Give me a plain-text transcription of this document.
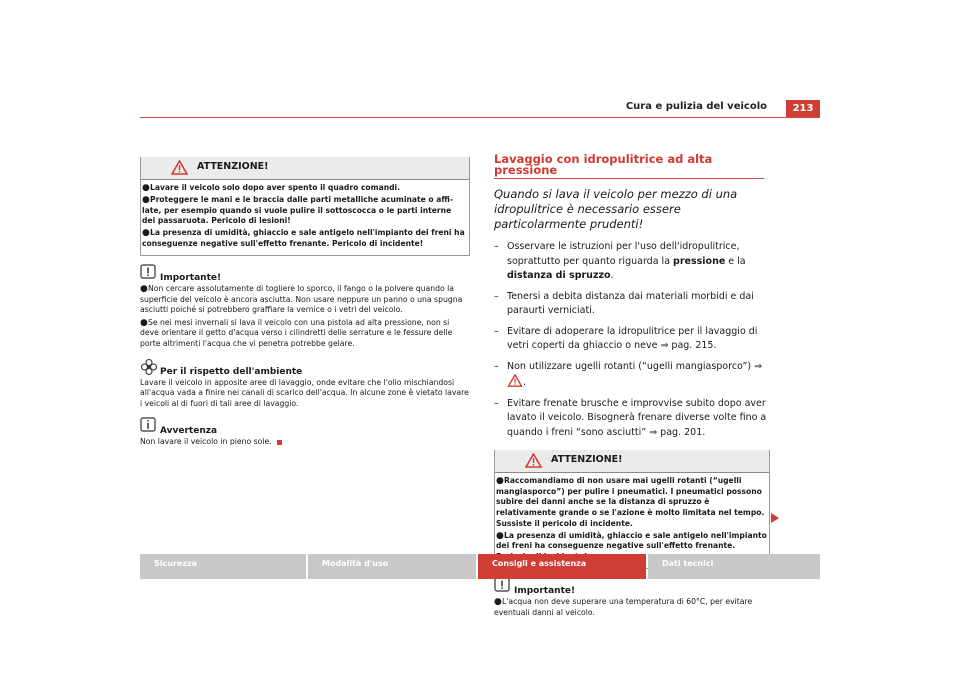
Cura e pulizia del veicolo	213
ATTENZIONE!

●Lavare il veicolo solo dopo aver spento il quadro comandi.

●Proteggere le mani e le braccia dalle parti metalliche acuminate o affi-late, per esempio quando si vuole pulire il sottoscocca o le parti interne dei passaruota. Pericolo di lesioni!

●La presenza di umidità, ghiaccio e sale antigelo nell'impianto dei freni ha conseguenze negative sull'effetto frenante. Pericolo di incidente!

Importante!

●Non cercare assolutamente di togliere lo sporco, il fango o la polvere quando la superficie del veicolo è ancora asciutta. Non usare neppure un panno o una spugna asciutti poiché si potrebbero graffiare la vernice o i vetri del veicolo.

●Se nei mesi invernali si lava il veicolo con una pistola ad alta pressione, non si deve orientare il getto d'acqua verso i cilindretti delle serrature e le fessure delle porte altrimenti l'acqua che vi penetra potrebbe gelare.

Per il rispetto dell'ambiente

Lavare il veicolo in apposite aree di lavaggio, onde evitare che l'olio mischiandosi all'acqua vada a finire nei canali di scarico dell'acqua. In alcune zone è vietato lavare i veicoli al di fuori di tali aree di lavaggio.

Avvertenza

Non lavare il veicolo in pieno sole.

Lavaggio con idropulitrice ad alta pressione
Quando si lava il veicolo per mezzo di una idropulitrice è necessario essere particolarmente prudenti!
– Osservare le istruzioni per l'uso dell'idropulitrice, soprattutto per quanto riguarda la pressione e la distanza di spruzzo.
– Tenersi a debita distanza dai materiali morbidi e dai paraurti verniciati.
– Evitare di adoperare la idropulitrice per il lavaggio di vetri coperti da ghiaccio o neve ⇒ pag. 215.
– Non utilizzare ugelli rotanti (“ugelli mangiasporco”) ⇒ .
– Evitare frenate brusche e improvvise subito dopo aver lavato il veicolo. Bisognerà frenare diverse volte fino a quando i freni “sono asciutti” ⇒ pag. 201.
ATTENZIONE!

●Raccomandiamo di non usare mai ugelli rotanti (“ugelli mangiasporco”) per pulire i pneumatici. I pneumatici possono subire dei danni anche se la distanza di spruzzo è relativamente grande o se l'azione è molto limitata nel tempo. Sussiste il pericolo di incidente.

●La presenza di umidità, ghiaccio e sale antigelo nell'impianto dei freni ha conseguenze negative sull'effetto frenante.

Importante!

●L'acqua non deve superare una temperatura di 60°C, per evitare eventuali danni al veicolo.

Sicurezza	Modalità d'uso	Consigli e assistenza	Dati tecnici
